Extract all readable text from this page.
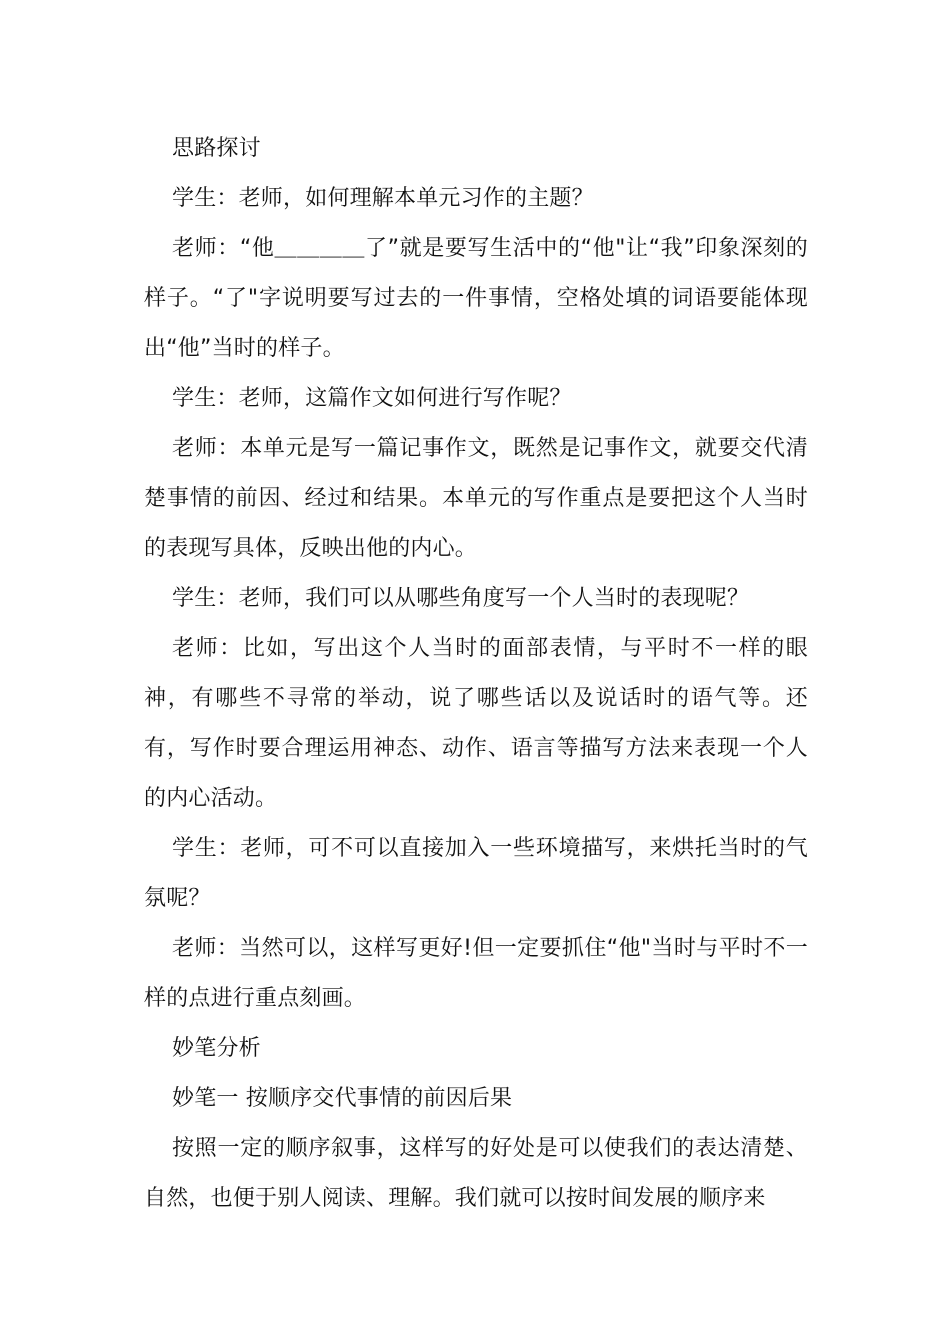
思路探讨

学生：老师，如何理解本单元习作的主题？

老师：“他＿＿＿＿了”就是要写生活中的“他"让“我”印象深刻的样子。“了"字说明要写过去的一件事情，空格处填的词语要能体现出“他”当时的样子。

学生：老师，这篇作文如何进行写作呢？

老师：本单元是写一篇记事作文，既然是记事作文，就要交代清楚事情的前因、经过和结果。本单元的写作重点是要把这个人当时的表现写具体，反映出他的内心。

学生：老师，我们可以从哪些角度写一个人当时的表现呢？

老师：比如，写出这个人当时的面部表情，与平时不一样的眼神，有哪些不寻常的举动，说了哪些话以及说话时的语气等。还有，写作时要合理运用神态、动作、语言等描写方法来表现一个人的内心活动。

学生：老师，可不可以直接加入一些环境描写，来烘托当时的气氛呢？

老师：当然可以，这样写更好!但一定要抓住“他"当时与平时不一样的点进行重点刻画。

妙笔分析

妙笔一 按顺序交代事情的前因后果

按照一定的顺序叙事，这样写的好处是可以使我们的表达清楚、自然，也便于别人阅读、理解。我们就可以按时间发展的顺序来
